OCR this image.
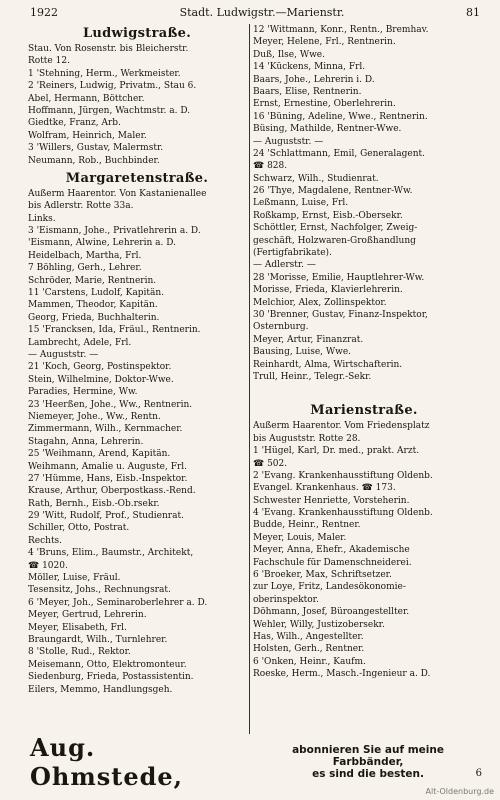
1922	Stadt. Ludwigstr.—Marienstr.	81
Ludwigstraße.
Stau. Von Rosenstr. bis Bleicherstr.
Rotte 12.
1 'Stehning, Herm., Werkmeister.
2 'Reiners, Ludwig, Privatm., Stau 6.
Abel, Hermann, Böttcher.
Hoffmann, Jürgen, Wachtmstr. a. D.
Giedtke, Franz, Arb.
Wolfram, Heinrich, Maler.
3 'Willers, Gustav, Malermstr.
Neumann, Rob., Buchbinder.
Margaretenstraße.
Außerm Haarentor. Von Kastanienallee
bis Adlerstr. Rotte 33a.
Links.
3 'Eismann, Johe., Privatlehrerin a. D.
'Eismann, Alwine, Lehrerin a. D.
Heidelbach, Martha, Frl.
7 Böhling, Gerh., Lehrer.
Schröder, Marie, Rentnerin.
11 'Carstens, Ludolf, Kapitän.
Mammen, Theodor, Kapitän.
Georg, Frieda, Buchhalterin.
15 'Francksen, Ida, Fräul., Rentnerin.
Lambrecht, Adele, Frl.
— Auguststr. —
21 'Koch, Georg, Postinspektor.
Stein, Wilhelmine, Doktor-Wwe.
Paradies, Hermine, Ww.
23 'Heerßen, Johe., Ww., Rentnerin.
Niemeyer, Johe., Ww., Rentn.
Zimmermann, Wilh., Kernmacher.
Stagahn, Anna, Lehrerin.
25 'Weihmann, Arend, Kapitän.
Weihmann, Amalie u. Auguste, Frl.
27 'Hümme, Hans, Eisb.-Inspektor.
Krause, Arthur, Oberpostkass.-Rend.
Rath, Bernh., Eisb.-Ob.rsekr.
29 'Witt, Rudolf, Prof., Studienrat.
Schiller, Otto, Postrat.
Rechts.
4 'Bruns, Elim., Baumstr., Architekt,
☎ 1020.
Möller, Luise, Fräul.
Tesensitz, Johs., Rechnungsrat.
6 'Meyer, Joh., Seminaroberlehrer a. D.
Meyer, Gertrud, Lehrerin.
Meyer, Elisabeth, Frl.
Braungardt, Wilh., Turnlehrer.
8 'Stolle, Rud., Rektor.
Meisemann, Otto, Elektromonteur.
Siedenburg, Frieda, Postassistentin.
Eilers, Memmo, Handlungsgeh.
12 'Wittmann, Konr., Rentn., Bremhav.
Meyer, Helene, Frl., Rentnerin.
Duß, Ilse, Wwe.
14 'Kückens, Minna, Frl.
Baars, Johe., Lehrerin i. D.
Baars, Elise, Rentnerin.
Ernst, Ernestine, Oberlehrerin.
16 'Büning, Adeline, Wwe., Rentnerin.
Büsing, Mathilde, Rentner-Wwe.
— Auguststr. —
24 'Schlattmann, Emil, Generalagent.
☎ 828.
Schwarz, Wilh., Studienrat.
26 'Thye, Magdalene, Rentner-Ww.
Leßmann, Luise, Frl.
Roßkamp, Ernst, Eisb.-Obersekr.
Schöttler, Ernst, Nachfolger, Zweig-
geschäft, Holzwaren-Großhandlung
(Fertigfabrikate).
— Adlerstr. —
28 'Morisse, Emilie, Hauptlehrer-Ww.
Morisse, Frieda, Klavierlehrerin.
Melchior, Alex, Zollinspektor.
30 'Brenner, Gustav, Finanz-Inspektor,
Osternburg.
Meyer, Artur, Finanzrat.
Bausing, Luise, Wwe.
Reinhardt, Alma, Wirtschafterin.
Trull, Heinr., Telegr.-Sekr.
Marienstraße.
Außerm Haarentor. Vom Friedensplatz
bis Auguststr. Rotte 28.
1 'Hügel, Karl, Dr. med., prakt. Arzt.
☎ 502.
2 'Evang. Krankenhausstiftung Oldenb.
Evangel. Krankenhaus. ☎ 173.
Schwester Henriette, Vorsteherin.
4 'Evang. Krankenhausstiftung Oldenb.
Budde, Heinr., Rentner.
Meyer, Louis, Maler.
Meyer, Anna, Ehefr., Akademische
Fachschule für Damenschneiderei.
6 'Broeker, Max, Schriftsetzer.
zur Loye, Fritz, Landesökonomie-
oberinspektor.
Döhmann, Josef, Büroangestellter.
Wehler, Willy, Justizobersekr.
Has, Wilh., Angestellter.
Holsten, Gerh., Rentner.
6 'Onken, Heinr., Kaufm.
Roeske, Herm., Masch.-Ingenieur a. D.
Aug. Ohmstede,
abonnieren Sie auf meine Farbbänder,
es sind die besten.	6
Alt-Oldenburg.de
